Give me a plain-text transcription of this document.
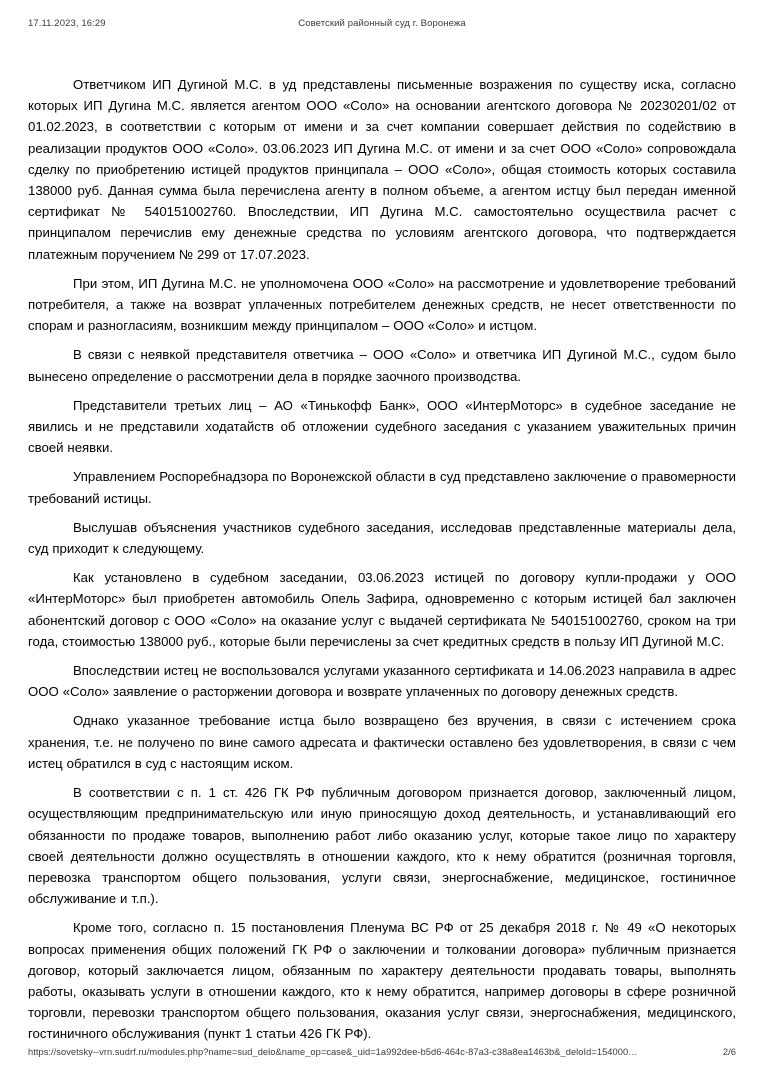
17.11.2023, 16:29	Советский районный суд г. Воронежа

Ответчиком ИП Дугиной М.С. в уд представлены письменные возражения по существу иска, согласно которых ИП Дугина М.С. является агентом ООО «Соло» на основании агентского договора № 20230201/02 от 01.02.2023, в соответствии с которым от имени и за счет компании совершает действия по содействию в реализации продуктов ООО «Соло». 03.06.2023 ИП Дугина М.С. от имени и за счет ООО «Соло» сопровождала сделку по приобретению истицей продуктов принципала – ООО «Соло», общая стоимость которых составила 138000 руб. Данная сумма была перечислена агенту в полном объеме, а агентом истцу был передан именной сертификат № 540151002760. Впоследствии, ИП Дугина М.С. самостоятельно осуществила расчет с принципалом перечислив ему денежные средства по условиям агентского договора, что подтверждается платежным поручением № 299 от 17.07.2023.

При этом, ИП Дугина М.С. не уполномочена ООО «Соло» на рассмотрение и удовлетворение требований потребителя, а также на возврат уплаченных потребителем денежных средств, не несет ответственности по спорам и разногласиям, возникшим между принципалом – ООО «Соло» и истцом.

В связи с неявкой представителя ответчика – ООО «Соло» и ответчика ИП Дугиной М.С., судом было вынесено определение о рассмотрении дела в порядке заочного производства.

Представители третьих лиц – АО «Тинькофф Банк», ООО «ИнтерМоторс» в судебное заседание не явились и не представили ходатайств об отложении судебного заседания с указанием уважительных причин своей неявки.

Управлением Роспоребнадзора по Воронежской области в суд представлено заключение о правомерности требований истицы.

Выслушав объяснения участников судебного заседания, исследовав представленные материалы дела, суд приходит к следующему.

Как установлено в судебном заседании, 03.06.2023 истицей по договору купли-продажи у ООО «ИнтерМоторс» был приобретен автомобиль Опель Зафира, одновременно с которым истицей бал заключен абонентский договор с ООО «Соло» на оказание услуг с выдачей сертификата № 540151002760, сроком на три года, стоимостью 138000 руб., которые были перечислены за счет кредитных средств в пользу ИП Дугиной М.С.

Впоследствии истец не воспользовался услугами указанного сертификата и 14.06.2023 направила в адрес ООО «Соло» заявление о расторжении договора и возврате уплаченных по договору денежных средств.

Однако указанное требование истца было возвращено без вручения, в связи с истечением срока хранения, т.е. не получено по вине самого адресата и фактически оставлено без удовлетворения, в связи с чем истец обратился в суд с настоящим иском.

В соответствии с п. 1 ст. 426 ГК РФ публичным договором признается договор, заключенный лицом, осуществляющим предпринимательскую или иную приносящую доход деятельность, и устанавливающий его обязанности по продаже товаров, выполнению работ либо оказанию услуг, которые такое лицо по характеру своей деятельности должно осуществлять в отношении каждого, кто к нему обратится (розничная торговля, перевозка транспортом общего пользования, услуги связи, энергоснабжение, медицинское, гостиничное обслуживание и т.п.).

Кроме того, согласно п. 15 постановления Пленума ВС РФ от 25 декабря 2018 г. № 49 «О некоторых вопросах применения общих положений ГК РФ о заключении и толковании договора» публичным признается договор, который заключается лицом, обязанным по характеру деятельности продавать товары, выполнять работы, оказывать услуги в отношении каждого, кто к нему обратится, например договоры в сфере розничной торговли, перевозки транспортом общего пользования, оказания услуг связи, энергоснабжения, медицинского, гостиничного обслуживания (пункт 1 статьи 426 ГК РФ).

https://sovetsky--vrn.sudrf.ru/modules.php?name=sud_delo&name_op=case&_uid=1a992dee-b5d6-464c-87a3-c38a8ea1463b&_deloId=154000…	2/6
